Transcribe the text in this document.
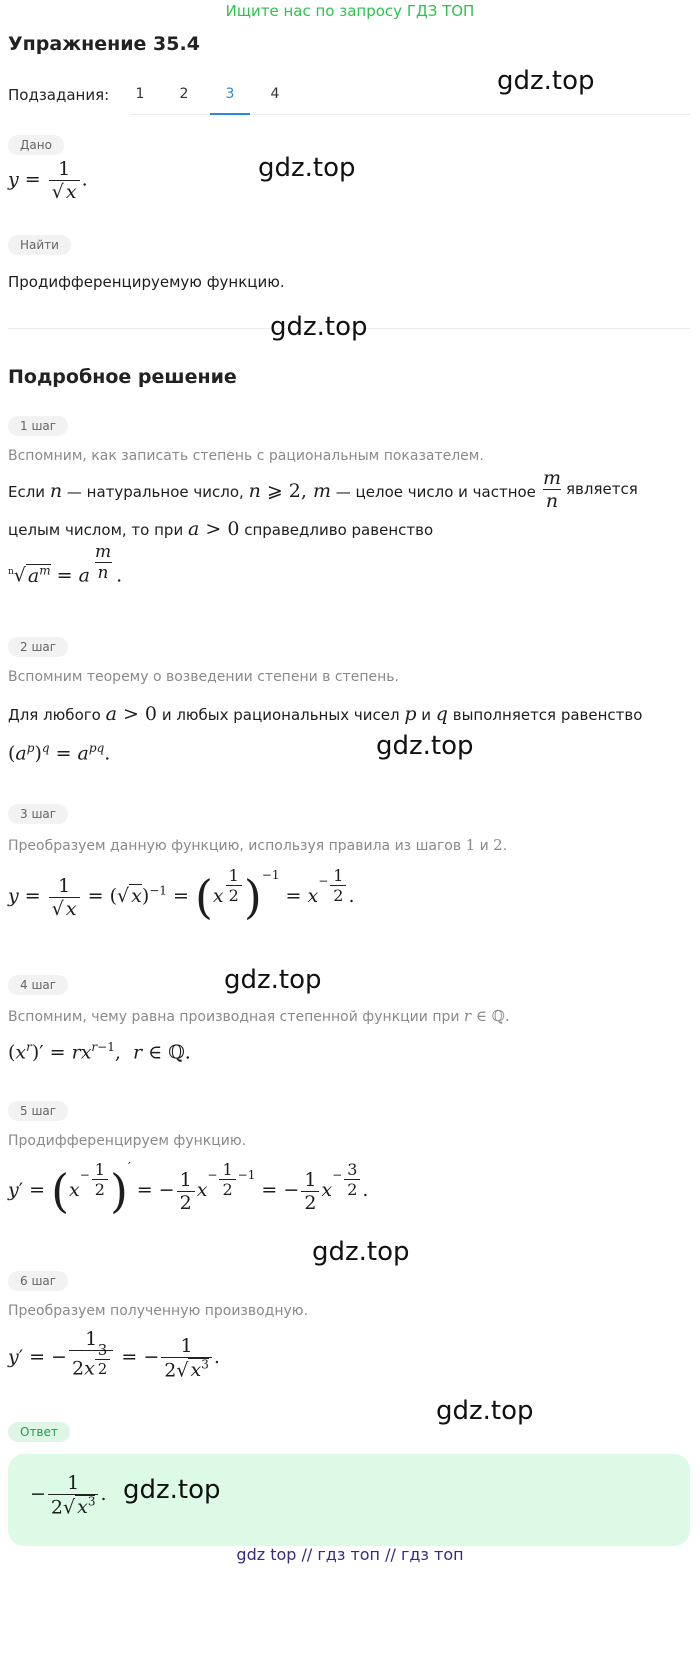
Ищите нас по запросу ГДЗ ТОП
Упражнение 35.4
Подзадания:	1	2	3	4	gdz.top
Дано
$y = \frac{1}{√ x}$ .	gdz.top
Найти
Продифференцируемую функцию.
gdz.top
Подробное решение
1 шаг
Вспомним, как записать степень с рациональным показателем.
Если n — натуральное число, n ⩾ 2, m — целое число и частное $\frac{m}{n}$ является
целым числом, то при a > 0 справедливо равенство
$^n$√ $a^m = a \frac{m}{n}$ .
2 шаг
Вспомним теорему о возведении степени в степень.
Для любого a > 0 и любых рациональных чисел p и q выполняется равенство
$(a^p)^q = a^{pq}$.	gdz.top
3 шаг
Преобразуем данную функцию, используя правила из шагов 1 и 2.
$y = \frac{1}{√ x}$ = (√ $x)^{-1} = (x \frac{1}{2} )^{-1} = x^- \frac{1}{2}$ .
gdz.top
4 шаг
Вспомним, чему равна производная степенной функции при r ∈ ℚ.
$(x^r)' = rx^{r-1}$,  r ∈ ℚ.
5 шаг
Продифференцируем функцию.
$y' = (x^- \frac{1}{2} )'$ = − $\frac{1}{2} x^- \frac{1}{2} ^{-1}$ = − $\frac{1}{2} x^- \frac{3}{2}$ .
gdz.top
6 шаг
Преобразуем полученную производную.
y′ = − $\frac{1}{2x \frac{3}{2}}$ = − $\frac{1}{2√ x^3}$ .
gdz.top
Ответ
− $\frac{1}{2√ x^3}$ . gdz.top
gdz top // гдз топ // гдз топ
